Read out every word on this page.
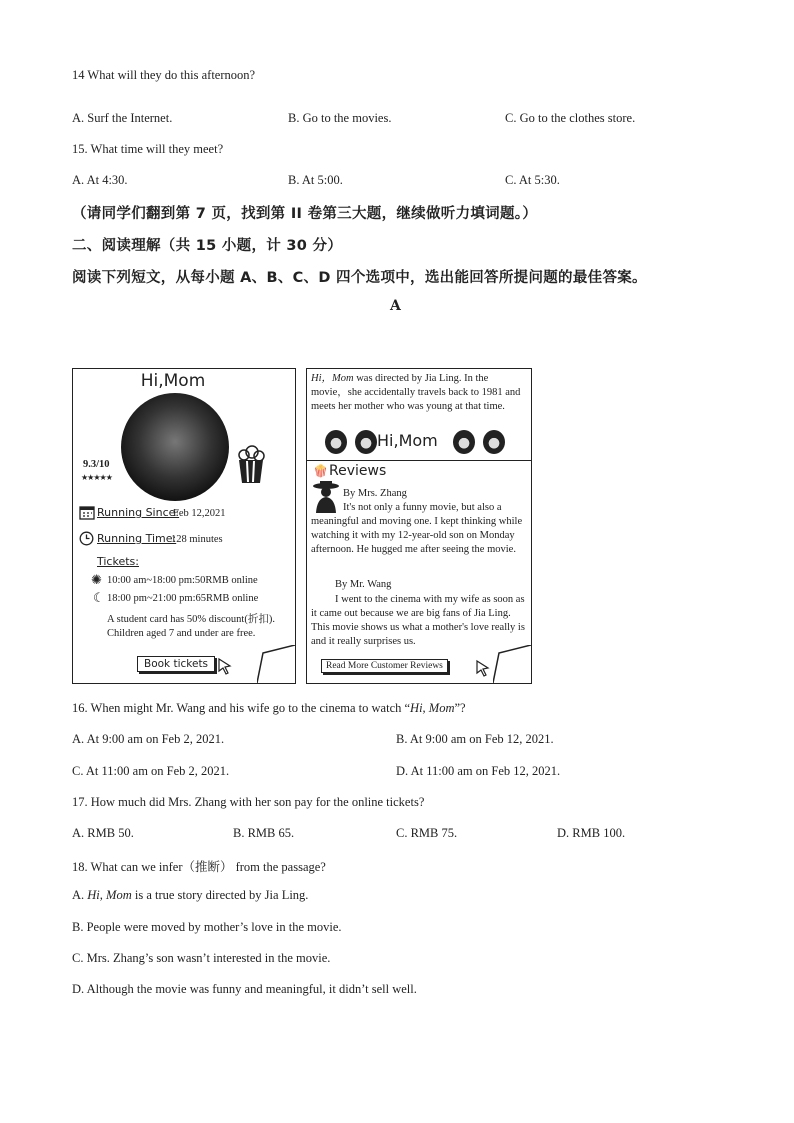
14 What will they do this afternoon?
A. Surf the Internet.	B. Go to the movies.	C. Go to the clothes store.
15. What time will they meet?
A. At 4:30.	B. At 5:00.	C. At 5:30.
（请同学们翻到第 7 页，找到第 II 卷第三大题，继续做听力填词题。）
二、阅读理解（共 15 小题，计 30 分）
阅读下列短文，从每小题 A、B、C、D 四个选项中，选出能回答所提问题的最佳答案。
A
Hi,Mom
9.3/10
★★★★★
Running Since:
Feb 12,2021
Running Time:
128 minutes
Tickets:
✺ 10:00 am~18:00 pm:50RMB online
☾ 18:00 pm~21:00 pm:65RMB online
A student card has 50% discount(折扣).
Children aged 7 and under are free.
Book tickets
Hi，Mom was directed by Jia Ling. In the movie，she accidentally travels back to 1981 and meets her mother who was young at that time.
Hi,Mom
🍿 Reviews
By Mrs. Zhang
It's not only a funny movie, but also a meaningful and moving one. I kept thinking while watching it with my 12-year-old son on Monday afternoon. He hugged me after seeing the movie.
By Mr. Wang
I went to the cinema with my wife as soon as it came out because we are big fans of Jia Ling. This movie shows us what a mother's love really is and it really surprises us.
Read More Customer Reviews
16. When might Mr. Wang and his wife go to the cinema to watch “Hi, Mom”?
A. At 9:00 am on Feb 2, 2021.	B. At 9:00 am on Feb 12, 2021.
C. At 11:00 am on Feb 2, 2021.	D. At 11:00 am on Feb 12, 2021.
17. How much did Mrs. Zhang with her son pay for the online tickets?
A. RMB 50.	B. RMB 65.	C. RMB 75.	D. RMB 100.
18. What can we infer（推断） from the passage?
A. Hi, Mom is a true story directed by Jia Ling.
B. People were moved by mother’s love in the movie.
C. Mrs. Zhang’s son wasn’t interested in the movie.
D. Although the movie was funny and meaningful, it didn’t sell well.
